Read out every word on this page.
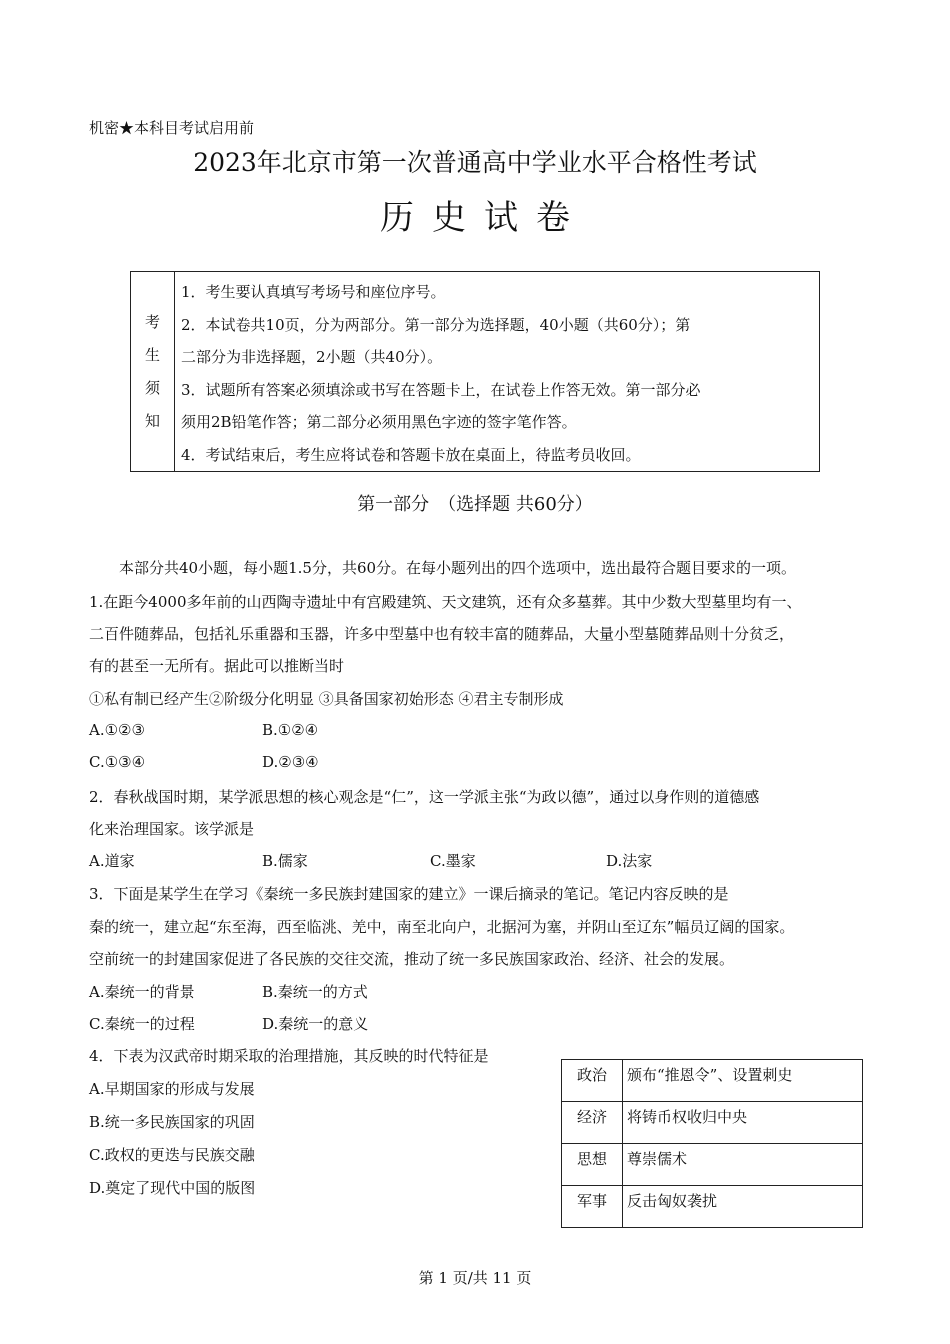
机密★本科目考试启用前
2023年北京市第一次普通高中学业水平合格性考试
历史试卷
考
生
须
知
1．考生要认真填写考场号和座位序号。
2．本试卷共10页，分为两部分。第一部分为选择题，40小题（共60分）；第
二部分为非选择题，2小题（共40分）。
3．试题所有答案必须填涂或书写在答题卡上，在试卷上作答无效。第一部分必
须用2B铅笔作答；第二部分必须用黑色字迹的签字笔作答。
4．考试结束后，考生应将试卷和答题卡放在桌面上，待监考员收回。
第一部分　（选择题 共60分）
本部分共40小题，每小题1.5分，共60分。在每小题列出的四个选项中，选出最符合题目要求的一项。
1.在距今4000多年前的山西陶寺遗址中有宫殿建筑、天文建筑，还有众多墓葬。其中少数大型墓里均有一、
二百件随葬品，包括礼乐重器和玉器，许多中型墓中也有较丰富的随葬品，大量小型墓随葬品则十分贫乏，
有的甚至一无所有。据此可以推断当时
①私有制已经产生②阶级分化明显 ③具备国家初始形态 ④君主专制形成
A.①②③	B.①②④
C.①③④	D.②③④
2．春秋战国时期，某学派思想的核心观念是“仁”，这一学派主张“为政以德”，通过以身作则的道德感
化来治理国家。该学派是
A.道家	B.儒家	C.墨家	D.法家
3．下面是某学生在学习《秦统一多民族封建国家的建立》一课后摘录的笔记。笔记内容反映的是
秦的统一，建立起“东至海，西至临洮、羌中，南至北向户，北据河为塞，并阴山至辽东”幅员辽阔的国家。
空前统一的封建国家促进了各民族的交往交流，推动了统一多民族国家政治、经济、社会的发展。
A.秦统一的背景	B.秦统一的方式
C.秦统一的过程	D.秦统一的意义
4．下表为汉武帝时期采取的治理措施，其反映的时代特征是
A.早期国家的形成与发展
B.统一多民族国家的巩固
C.政权的更迭与民族交融
D.奠定了现代中国的版图
政治	颁布“推恩令”、设置刺史
经济	将铸币权收归中央
思想	尊崇儒术
军事	反击匈奴袭扰
第 1 页/共 11 页
